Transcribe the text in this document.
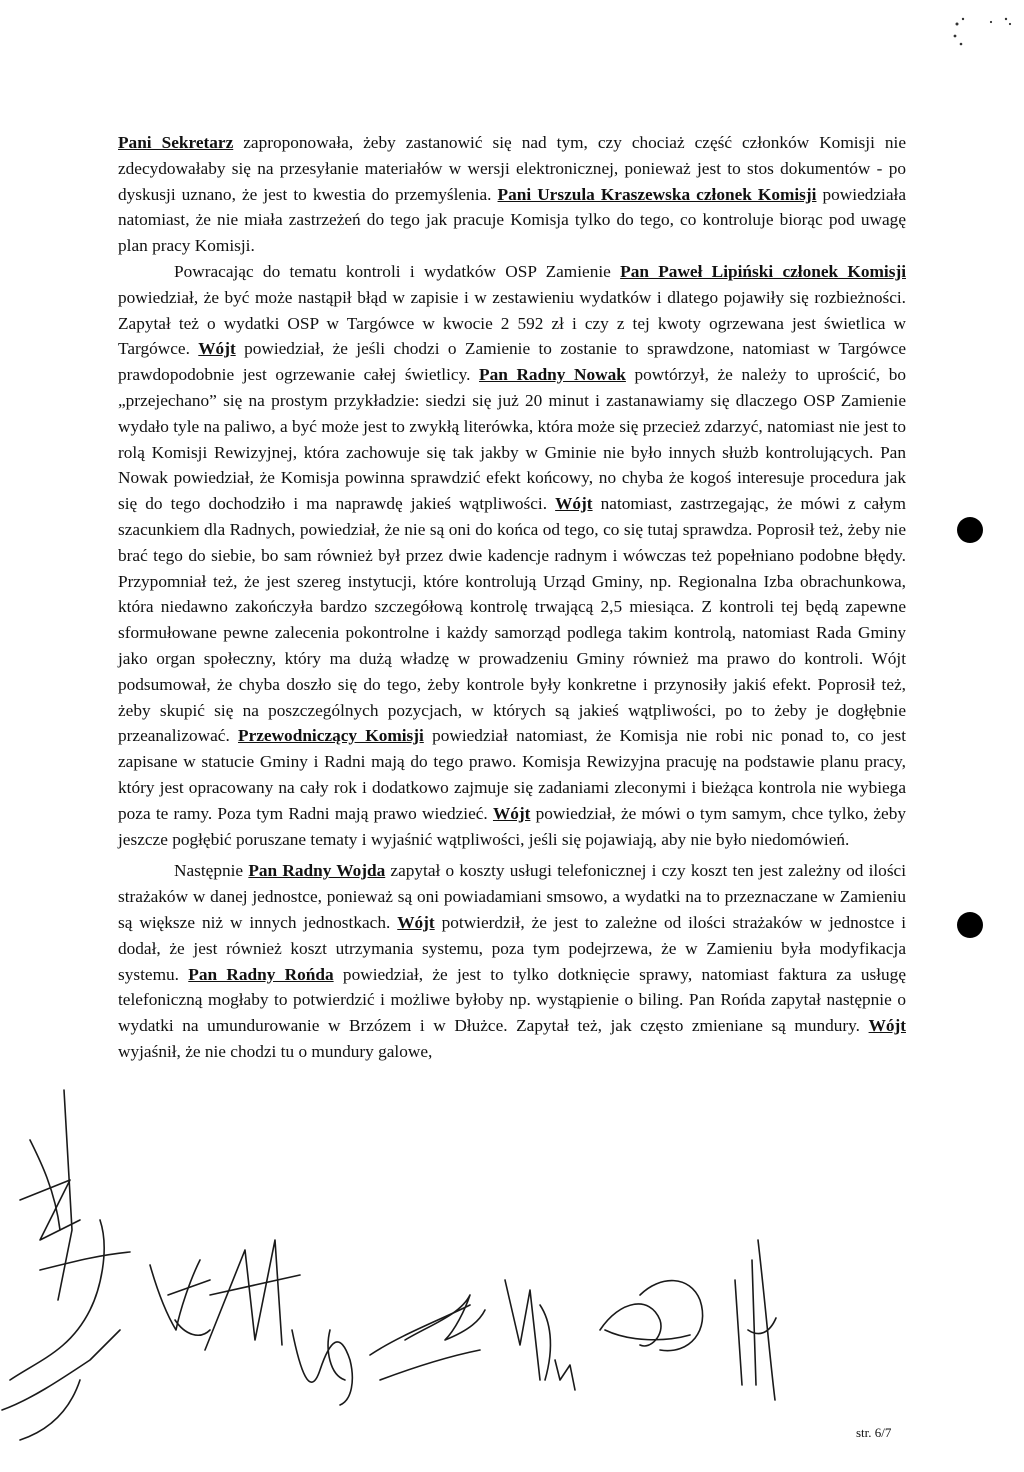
Pani Sekretarz zaproponowała, żeby zastanowić się nad tym, czy chociaż część członków Komisji nie zdecydowałaby się na przesyłanie materiałów w wersji elektronicznej, ponieważ jest to stos dokumentów - po dyskusji uznano, że jest to kwestia do przemyślenia. Pani Urszula Kraszewska członek Komisji powiedziała natomiast, że nie miała zastrzeżeń do tego jak pracuje Komisja tylko do tego, co kontroluje biorąc pod uwagę plan pracy Komisji.

Powracając do tematu kontroli i wydatków OSP Zamienie Pan Paweł Lipiński członek Komisji powiedział, że być może nastąpił błąd w zapisie i w zestawieniu wydatków i dlatego pojawiły się rozbieżności. Zapytał też o wydatki OSP w Targówce w kwocie 2 592 zł i czy z tej kwoty ogrzewana jest świetlica w Targówce. Wójt powiedział, że jeśli chodzi o Zamienie to zostanie to sprawdzone, natomiast w Targówce prawdopodobnie jest ogrzewanie całej świetlicy. Pan Radny Nowak powtórzył, że należy to uprościć, bo „przejechano” się na prostym przykładzie: siedzi się już 20 minut i zastanawiamy się dlaczego OSP Zamienie wydało tyle na paliwo, a być może jest to zwykłą literówka, która może się przecież zdarzyć, natomiast nie jest to rolą Komisji Rewizyjnej, która zachowuje się tak jakby w Gminie nie było innych służb kontrolujących. Pan Nowak powiedział, że Komisja powinna sprawdzić efekt końcowy, no chyba że kogoś interesuje procedura jak się do tego dochodziło i ma naprawdę jakieś wątpliwości. Wójt natomiast, zastrzegając, że mówi z całym szacunkiem dla Radnych, powiedział, że nie są oni do końca od tego, co się tutaj sprawdza. Poprosił też, żeby nie brać tego do siebie, bo sam również był przez dwie kadencje radnym i wówczas też popełniano podobne błędy. Przypomniał też, że jest szereg instytucji, które kontrolują Urząd Gminy, np. Regionalna Izba obrachunkowa, która niedawno zakończyła bardzo szczegółową kontrolę trwającą 2,5 miesiąca. Z kontroli tej będą zapewne sformułowane pewne zalecenia pokontrolne i każdy samorząd podlega takim kontrolą, natomiast Rada Gminy jako organ społeczny, który ma dużą władzę w prowadzeniu Gminy również ma prawo do kontroli. Wójt podsumował, że chyba doszło się do tego, żeby kontrole były konkretne i przynosiły jakiś efekt. Poprosił też, żeby skupić się na poszczególnych pozycjach, w których są jakieś wątpliwości, po to żeby je dogłębnie przeanalizować. Przewodniczący Komisji powiedział natomiast, że Komisja nie robi nic ponad to, co jest zapisane w statucie Gminy i Radni mają do tego prawo. Komisja Rewizyjna pracuję na podstawie planu pracy, który jest opracowany na cały rok i dodatkowo zajmuje się zadaniami zleconymi i bieżąca kontrola nie wybiega poza te ramy. Poza tym Radni mają prawo wiedzieć. Wójt powiedział, że mówi o tym samym, chce tylko, żeby jeszcze pogłębić poruszane tematy i wyjaśnić wątpliwości, jeśli się pojawiają, aby nie było niedomówień.

Następnie Pan Radny Wojda zapytał o koszty usługi telefonicznej i czy koszt ten jest zależny od ilości strażaków w danej jednostce, ponieważ są oni powiadamiani smsowo, a wydatki na to przeznaczane w Zamieniu są większe niż w innych jednostkach. Wójt potwierdził, że jest to zależne od ilości strażaków w jednostce i dodał, że jest również koszt utrzymania systemu, poza tym podejrzewa, że w Zamieniu była modyfikacja systemu. Pan Radny Rońda powiedział, że jest to tylko dotknięcie sprawy, natomiast faktura za usługę telefoniczną mogłaby to potwierdzić i możliwe byłoby np. wystąpienie o biling. Pan Rońda zapytał następnie o wydatki na umundurowanie w Brzózem i w Dłużce. Zapytał też, jak często zmieniane są mundury. Wójt wyjaśnił, że nie chodzi tu o mundury galowe,

str. 6/7
